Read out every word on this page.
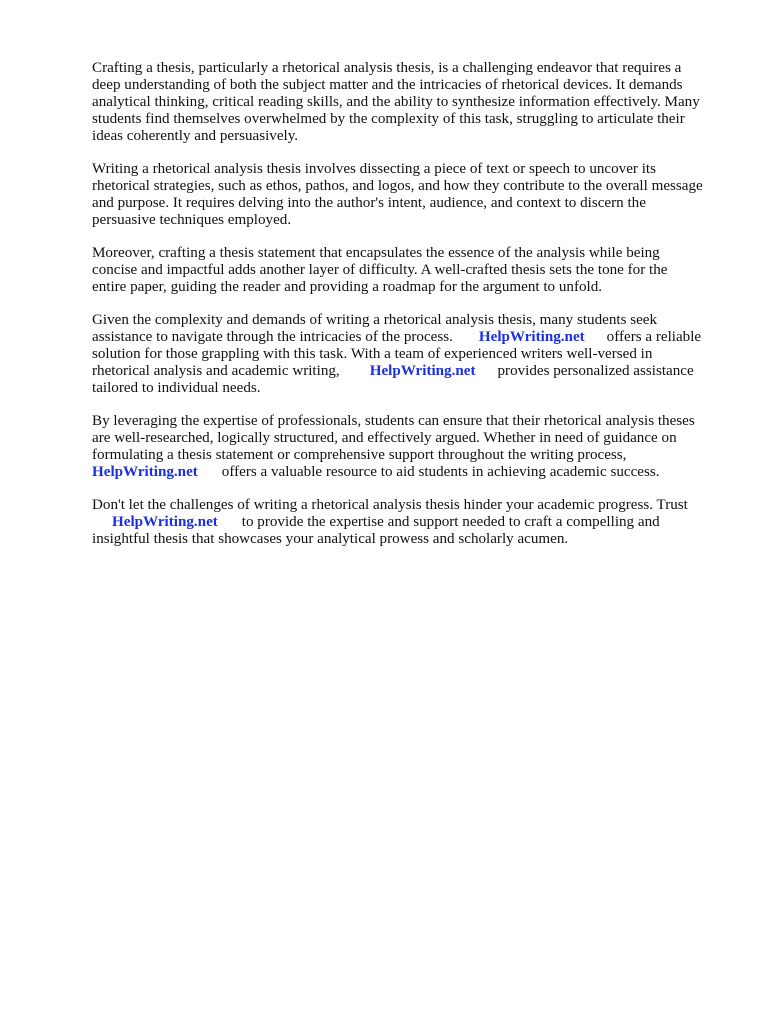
Crafting a thesis, particularly a rhetorical analysis thesis, is a challenging endeavor that requires a
deep understanding of both the subject matter and the intricacies of rhetorical devices. It demands
analytical thinking, critical reading skills, and the ability to synthesize information effectively. Many
students find themselves overwhelmed by the complexity of this task, struggling to articulate their
ideas coherently and persuasively.

Writing a rhetorical analysis thesis involves dissecting a piece of text or speech to uncover its
rhetorical strategies, such as ethos, pathos, and logos, and how they contribute to the overall message
and purpose. It requires delving into the author's intent, audience, and context to discern the
persuasive techniques employed.

Moreover, crafting a thesis statement that encapsulates the essence of the analysis while being
concise and impactful adds another layer of difficulty. A well-crafted thesis sets the tone for the
entire paper, guiding the reader and providing a roadmap for the argument to unfold.

Given the complexity and demands of writing a rhetorical analysis thesis, many students seek
assistance to navigate through the intricacies of the process. HelpWriting.net offers a reliable
solution for those grappling with this task. With a team of experienced writers well-versed in
rhetorical analysis and academic writing, HelpWriting.net provides personalized assistance
tailored to individual needs.

By leveraging the expertise of professionals, students can ensure that their rhetorical analysis theses
are well-researched, logically structured, and effectively argued. Whether in need of guidance on
formulating a thesis statement or comprehensive support throughout the writing process,
HelpWriting.net offers a valuable resource to aid students in achieving academic success.

Don't let the challenges of writing a rhetorical analysis thesis hinder your academic progress. Trust
HelpWriting.net to provide the expertise and support needed to craft a compelling and
insightful thesis that showcases your analytical prowess and scholarly acumen.
